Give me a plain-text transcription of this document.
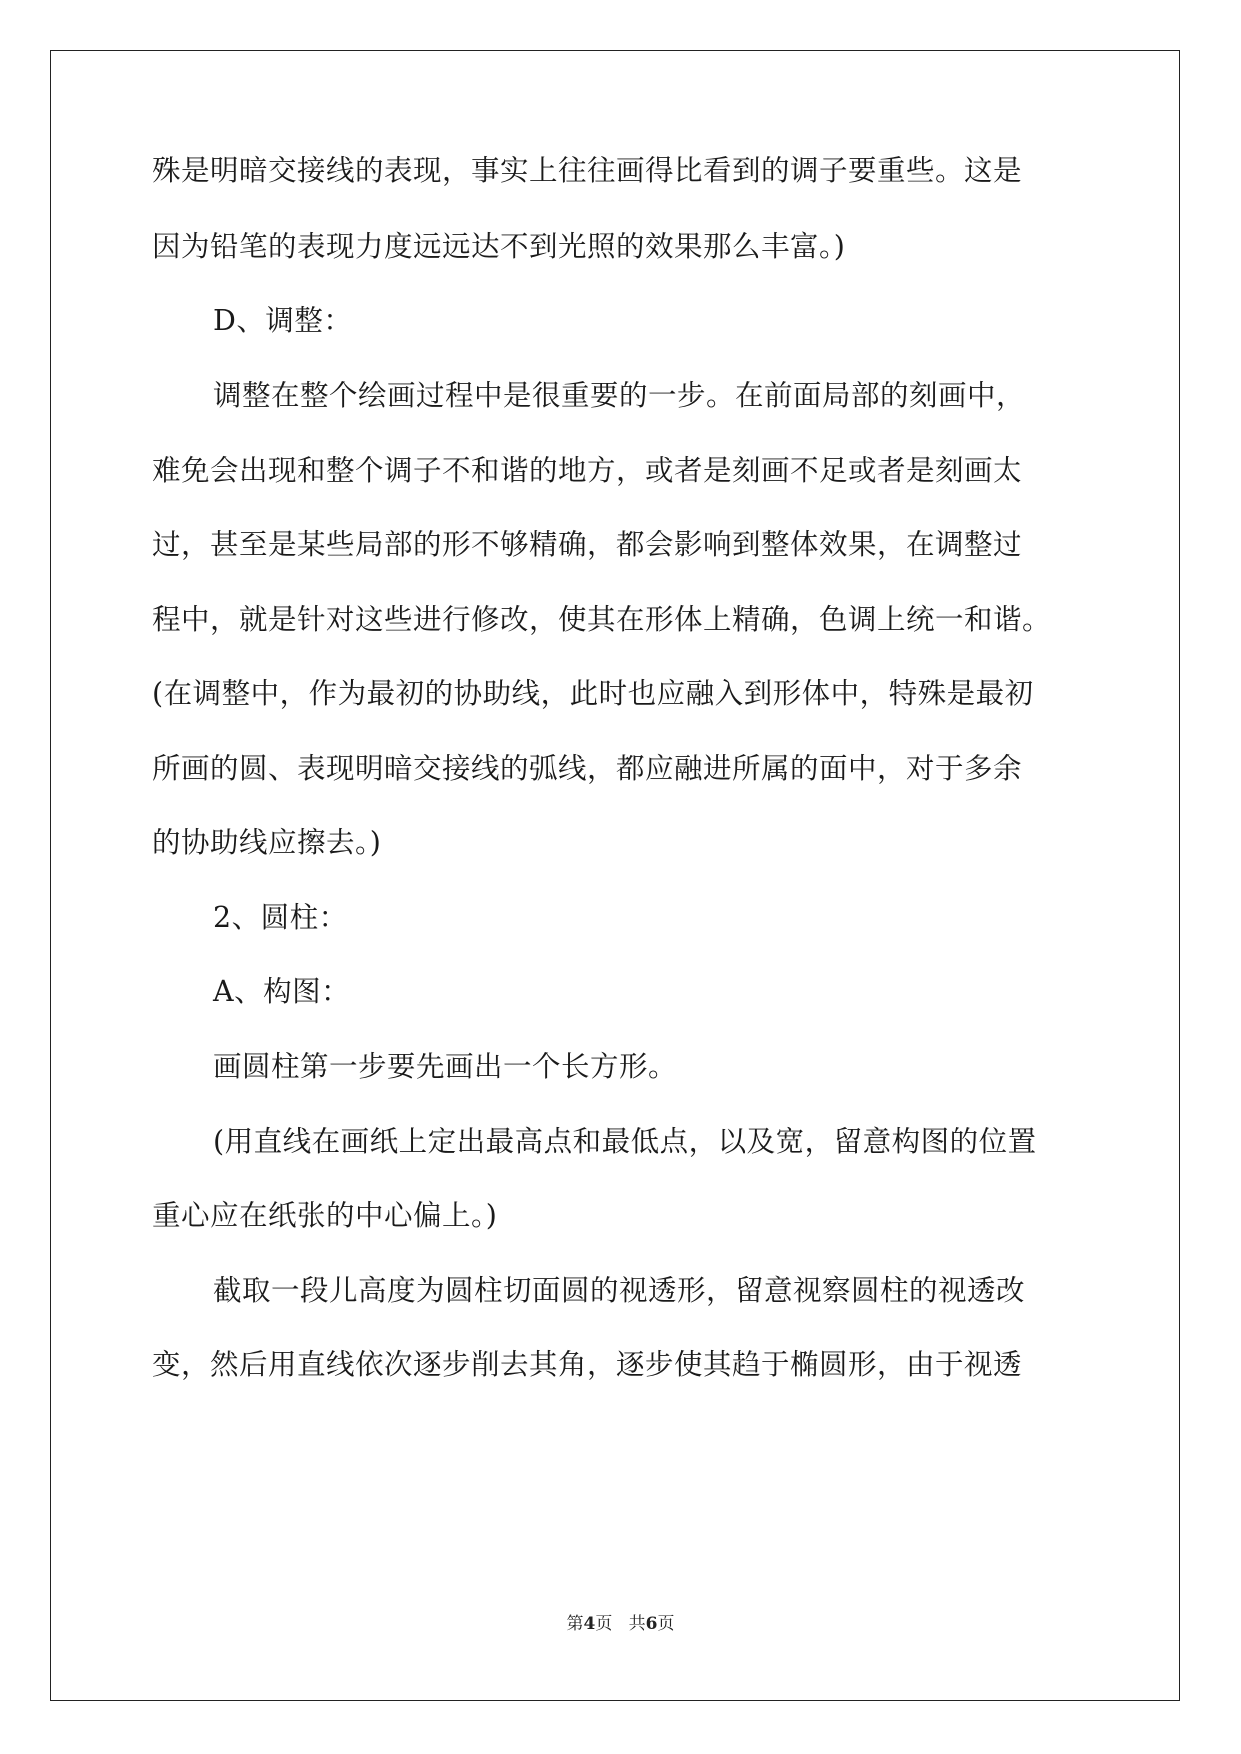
殊是明暗交接线的表现，事实上往往画得比看到的调子要重些。这是
因为铅笔的表现力度远远达不到光照的效果那么丰富。)
D、调整：
调整在整个绘画过程中是很重要的一步。在前面局部的刻画中，
难免会出现和整个调子不和谐的地方，或者是刻画不足或者是刻画太
过，甚至是某些局部的形不够精确，都会影响到整体效果，在调整过
程中，就是针对这些进行修改，使其在形体上精确，色调上统一和谐。
(在调整中，作为最初的协助线，此时也应融入到形体中，特殊是最初
所画的圆、表现明暗交接线的弧线，都应融进所属的面中，对于多余
的协助线应擦去。)
2、圆柱：
A、构图：
画圆柱第一步要先画出一个长方形。
(用直线在画纸上定出最高点和最低点，以及宽，留意构图的位置
重心应在纸张的中心偏上。)
截取一段儿高度为圆柱切面圆的视透形，留意视察圆柱的视透改
变，然后用直线依次逐步削去其角，逐步使其趋于椭圆形，由于视透
第4页 共6页
